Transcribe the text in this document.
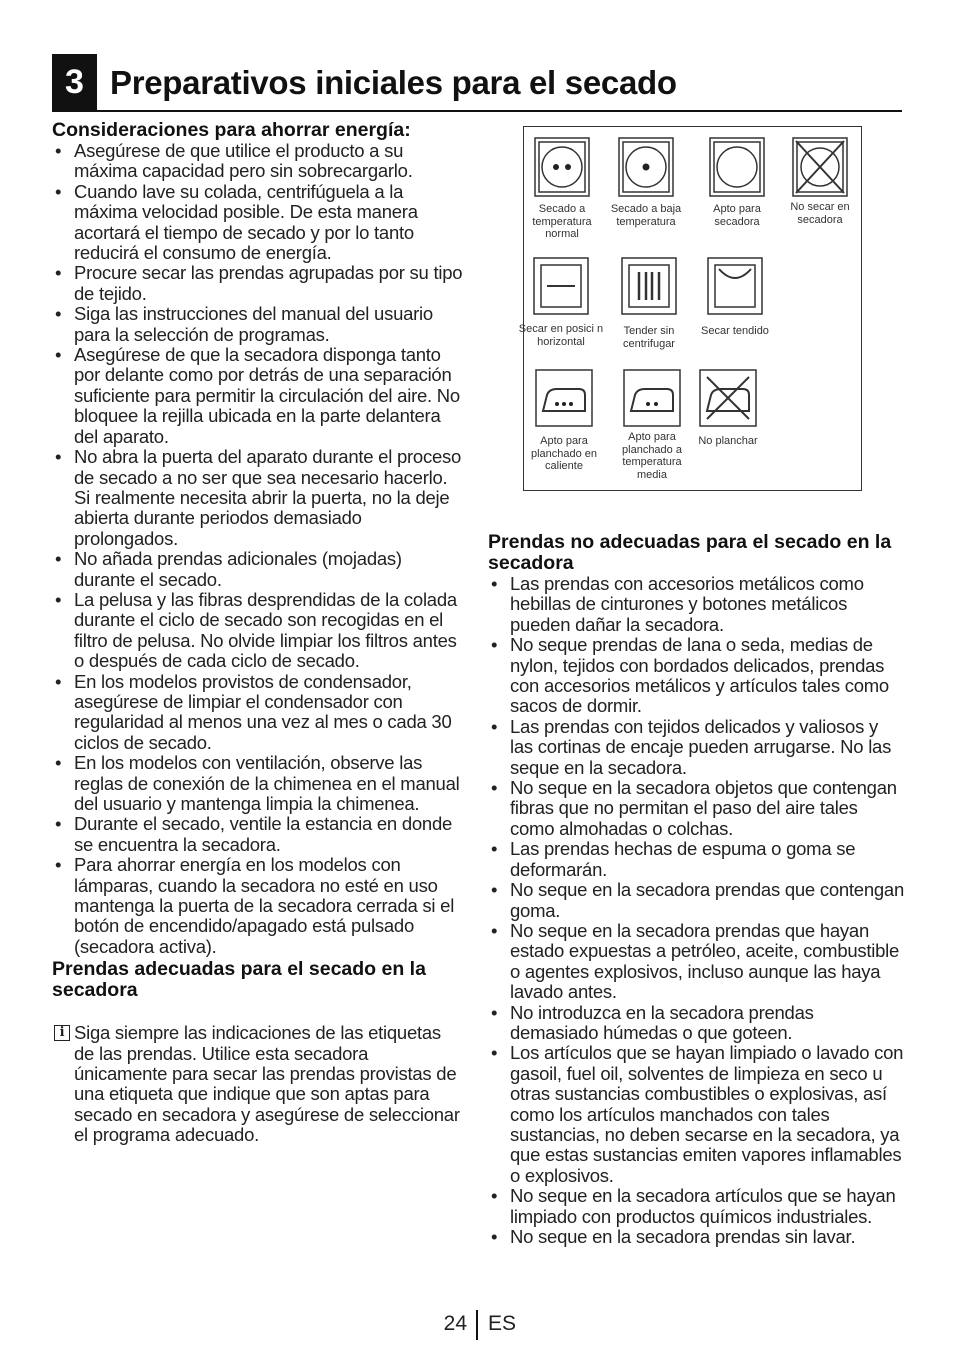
3 Preparativos iniciales para el secado
Consideraciones para ahorrar energía:
• Asegúrese de que utilice el producto a su máxima capacidad pero sin sobrecargarlo.
• Cuando lave su colada, centrifúguela a la máxima velocidad posible. De esta manera acortará el tiempo de secado y por lo tanto reducirá el consumo de energía.
• Procure secar las prendas agrupadas por su tipo de tejido.
• Siga las instrucciones del manual del usuario para la selección de programas.
• Asegúrese de que la secadora disponga tanto por delante como por detrás de una separación suficiente para permitir la circulación del aire. No bloquee la rejilla ubicada en la parte delantera del aparato.
• No abra la puerta del aparato durante el proceso de secado a no ser que sea necesario hacerlo. Si realmente necesita abrir la puerta, no la deje abierta durante periodos demasiado prolongados.
• No añada prendas adicionales (mojadas) durante el secado.
• La pelusa y las fibras desprendidas de la colada durante el ciclo de secado son recogidas en el filtro de pelusa. No olvide limpiar los filtros antes o después de cada ciclo de secado.
• En los modelos provistos de condensador, asegúrese de limpiar el condensador con regularidad al menos una vez al mes o cada 30 ciclos de secado.
• En los modelos con ventilación, observe las reglas de conexión de la chimenea en el manual del usuario y mantenga limpia la chimenea.
• Durante el secado, ventile la estancia en donde se encuentra la secadora.
• Para ahorrar energía en los modelos con lámparas, cuando la secadora no esté en uso mantenga la puerta de la secadora cerrada si el botón de encendido/apagado está pulsado (secadora activa).
Prendas adecuadas para el secado en la secadora
i Siga siempre las indicaciones de las etiquetas de las prendas. Utilice esta secadora únicamente para secar las prendas provistas de una etiqueta que indique que son aptas para secado en secadora y asegúrese de seleccionar el programa adecuado.
Secado a temperatura normal
Secado a baja temperatura
Apto para secadora
No secar en secadora
Secar en posici n horizontal
Tender sin centrifugar
Secar tendido
Apto para planchado en caliente
Apto para planchado a temperatura media
No planchar
Prendas no adecuadas para el secado en la secadora
• Las prendas con accesorios metálicos como hebillas de cinturones y botones metálicos pueden dañar la secadora.
• No seque prendas de lana o seda, medias de nylon, tejidos con bordados delicados, prendas con accesorios metálicos y artículos tales como sacos de dormir.
• Las prendas con tejidos delicados y valiosos y las cortinas de encaje pueden arrugarse. No las seque en la secadora.
• No seque en la secadora objetos que contengan fibras que no permitan el paso del aire tales como almohadas o colchas.
• Las prendas hechas de espuma o goma se deformarán.
• No seque en la secadora prendas que contengan goma.
• No seque en la secadora prendas que hayan estado expuestas a petróleo, aceite, combustible o agentes explosivos, incluso aunque las haya lavado antes.
• No introduzca en la secadora prendas demasiado húmedas o que goteen.
• Los artículos que se hayan limpiado o lavado con gasoil, fuel oil, solventes de limpieza en seco u otras sustancias combustibles o explosivas, así como los artículos manchados con tales sustancias, no deben secarse en la secadora, ya que estas sustancias emiten vapores inflamables o explosivos.
• No seque en la secadora artículos que se hayan limpiado con productos químicos industriales.
• No seque en la secadora prendas sin lavar.
24 ES
